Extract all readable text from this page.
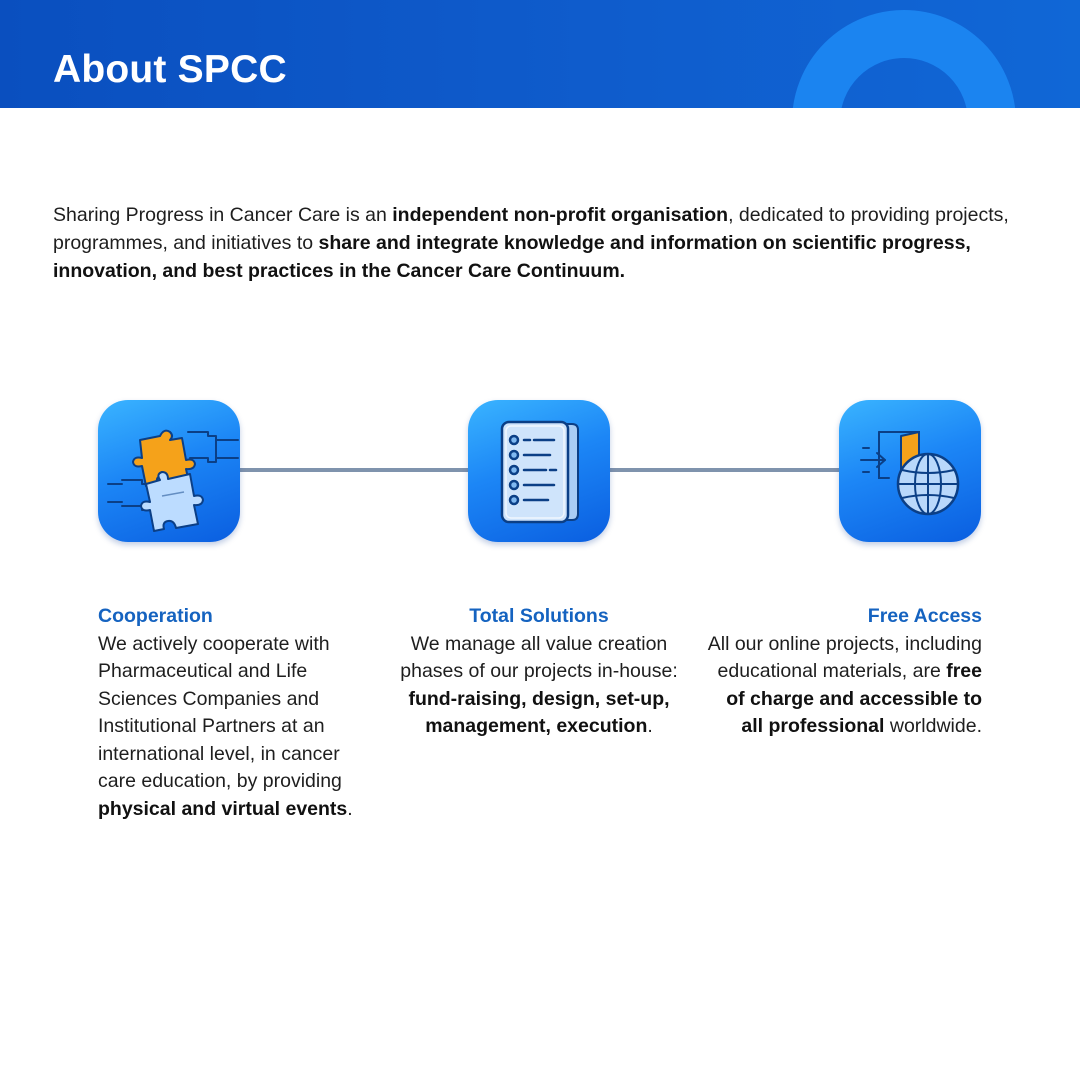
About SPCC

Sharing Progress in Cancer Care is an independent non-profit organisation, dedicated to providing projects, programmes, and initiatives to share and integrate knowledge and information on scientific progress, innovation, and best practices in the Cancer Care Continuum.

Cooperation

We actively cooperate with Pharmaceutical and Life Sciences Companies and Institutional Partners at an international level, in cancer care education, by providing physical and virtual events.

Total Solutions

We manage all value creation phases of our projects in-house: fund-raising, design, set-up, management, execution.

Free Access

All our online projects, including educational materials, are free of charge and accessible to all professional worldwide.
